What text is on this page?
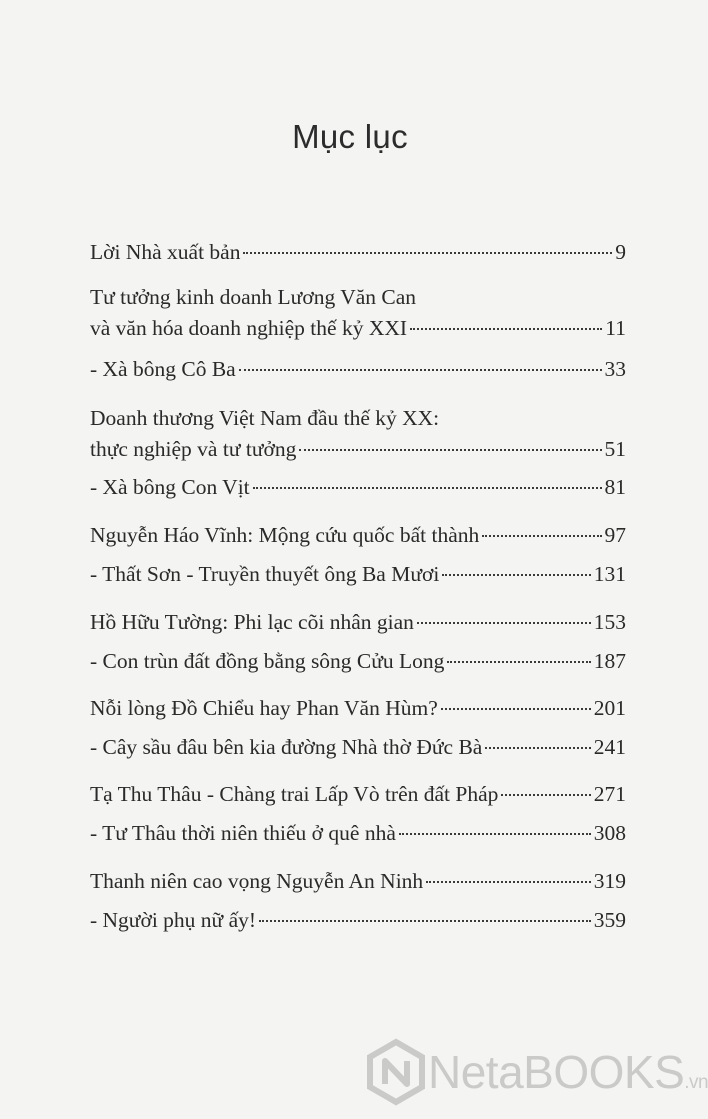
Mục lục
Lời Nhà xuất bản	9
Tư tưởng kinh doanh Lương Văn Can
và văn hóa doanh nghiệp thế kỷ XXI	11
- Xà bông Cô Ba	33
Doanh thương Việt Nam đầu thế kỷ XX:
thực nghiệp và tư tưởng	51
- Xà bông Con Vịt	81
Nguyễn Háo Vĩnh: Mộng cứu quốc bất thành	97
- Thất Sơn - Truyền thuyết ông Ba Mươi	131
Hồ Hữu Tường: Phi lạc cõi nhân gian	153
- Con trùn đất đồng bằng sông Cửu Long	187
Nỗi lòng Đồ Chiểu hay Phan Văn Hùm?	201
- Cây sầu đâu bên kia đường Nhà thờ Đức Bà	241
Tạ Thu Thâu - Chàng trai Lấp Vò trên đất Pháp	271
- Tư Thâu thời niên thiếu ở quê nhà	308
Thanh niên cao vọng Nguyễn An Ninh	319
- Người phụ nữ ấy!	359
NetaBOOKS.vn
